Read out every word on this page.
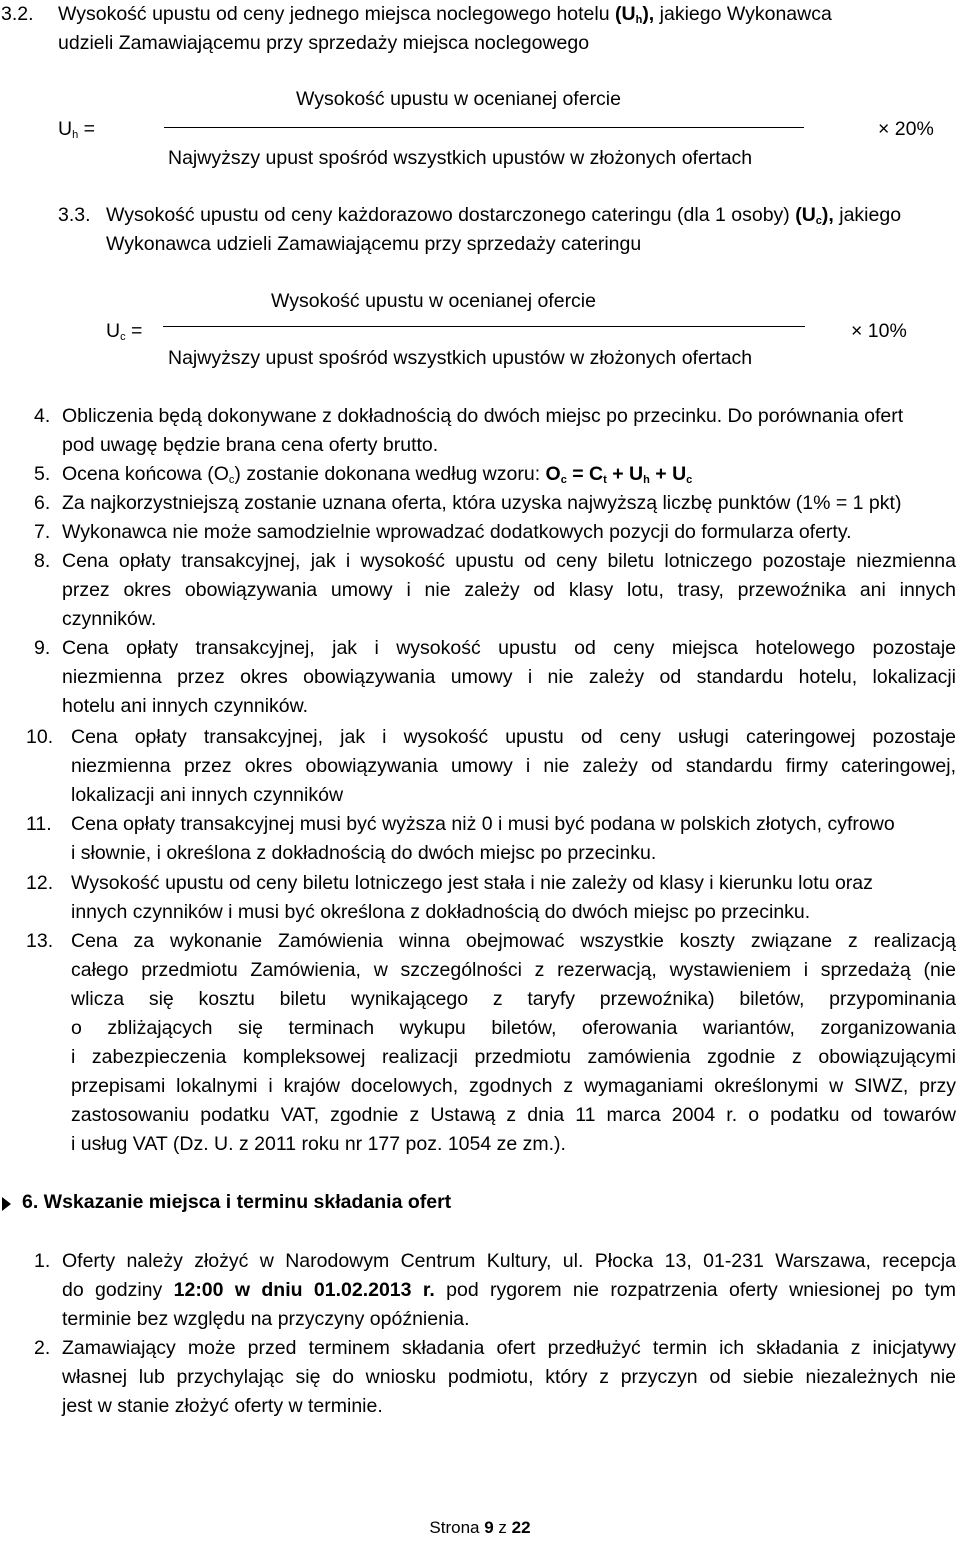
3.2. Wysokość upustu od ceny jednego miejsca noclegowego hotelu $(U_h)$, jakiego Wykonawca
udzieli Zamawiającemu przy sprzedaży miejsca noclegowego
$U_h$ =
Wysokość upustu w ocenianej ofercie
Najwyższy upust spośród wszystkich upustów w złożonych ofertach
× 20%
3.3. Wysokość upustu od ceny każdorazowo dostarczonego cateringu (dla 1 osoby) $(U_c)$, jakiego
Wykonawca udzieli Zamawiającemu przy sprzedaży cateringu
$U_c$ =
Wysokość upustu w ocenianej ofercie
Najwyższy upust spośród wszystkich upustów w złożonych ofertach
× 10%
4. Obliczenia będą dokonywane z dokładnością do dwóch miejsc po przecinku. Do porównania ofert
pod uwagę będzie brana cena oferty brutto.
5. Ocena końcowa $(O_c)$ zostanie dokonana według wzoru: $O_c = C_t + U_h + U_c$
6. Za najkorzystniejszą zostanie uznana oferta, która uzyska najwyższą liczbę punktów (1% = 1 pkt)
7. Wykonawca nie może samodzielnie wprowadzać dodatkowych pozycji do formularza oferty.
8. Cena opłaty transakcyjnej, jak i wysokość upustu od ceny biletu lotniczego pozostaje niezmienna
przez okres obowiązywania umowy i nie zależy od klasy lotu, trasy, przewoźnika ani innych
czynników.
9. Cena opłaty transakcyjnej, jak i wysokość upustu od ceny miejsca hotelowego pozostaje
niezmienna przez okres obowiązywania umowy i nie zależy od standardu hotelu, lokalizacji
hotelu ani innych czynników.
10. Cena opłaty transakcyjnej, jak i wysokość upustu od ceny usługi cateringowej pozostaje
niezmienna przez okres obowiązywania umowy i nie zależy od standardu firmy cateringowej,
lokalizacji ani innych czynników
11. Cena opłaty transakcyjnej musi być wyższa niż 0 i musi być podana w polskich złotych, cyfrowo
i słownie, i określona z dokładnością do dwóch miejsc po przecinku.
12. Wysokość upustu od ceny biletu lotniczego jest stała i nie zależy od klasy i kierunku lotu oraz
innych czynników i musi być określona z dokładnością do dwóch miejsc po przecinku.
13. Cena za wykonanie Zamówienia winna obejmować wszystkie koszty związane z realizacją
całego przedmiotu Zamówienia, w szczególności z rezerwacją, wystawieniem i sprzedażą (nie
wlicza się kosztu biletu wynikającego z taryfy przewoźnika) biletów, przypominania
o zbliżających się terminach wykupu biletów, oferowania wariantów, zorganizowania
i zabezpieczenia kompleksowej realizacji przedmiotu zamówienia zgodnie z obowiązującymi
przepisami lokalnymi i krajów docelowych, zgodnych z wymaganiami określonymi w SIWZ, przy
zastosowaniu podatku VAT, zgodnie z Ustawą z dnia 11 marca 2004 r. o podatku od towarów
i usług VAT (Dz. U. z 2011 roku nr 177 poz. 1054 ze zm.).
6. Wskazanie miejsca i terminu składania ofert
1. Oferty należy złożyć w Narodowym Centrum Kultury, ul. Płocka 13, 01-231 Warszawa, recepcja
do godziny 12:00 w dniu 01.02.2013 r. pod rygorem nie rozpatrzenia oferty wniesionej po tym
terminie bez względu na przyczyny opóźnienia.
2. Zamawiający może przed terminem składania ofert przedłużyć termin ich składania z inicjatywy
własnej lub przychylając się do wniosku podmiotu, który z przyczyn od siebie niezależnych nie
jest w stanie złożyć oferty w terminie.
Strona 9 z 22
